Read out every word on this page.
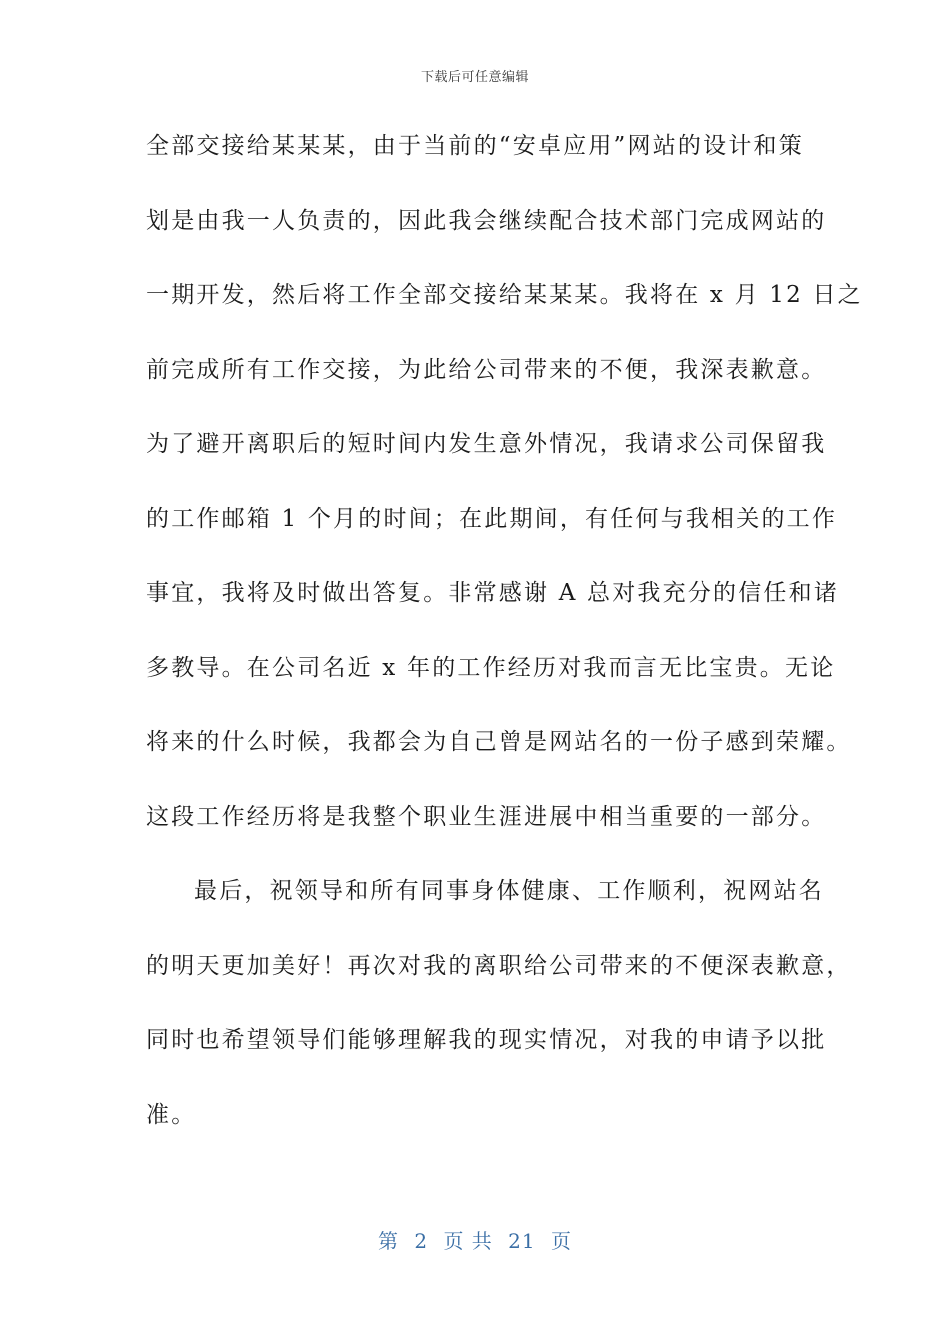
下载后可任意编辑
全部交接给某某某，由于当前的“安卓应用”网站的设计和策
划是由我一人负责的，因此我会继续配合技术部门完成网站的
一期开发，然后将工作全部交接给某某某。我将在 x 月 12 日之
前完成所有工作交接，为此给公司带来的不便，我深表歉意。
为了避开离职后的短时间内发生意外情况，我请求公司保留我
的工作邮箱 1 个月的时间；在此期间，有任何与我相关的工作
事宜，我将及时做出答复。非常感谢 A 总对我充分的信任和诸
多教导。在公司名近 x 年的工作经历对我而言无比宝贵。无论
将来的什么时候，我都会为自己曾是网站名的一份子感到荣耀。
这段工作经历将是我整个职业生涯进展中相当重要的一部分。
最后，祝领导和所有同事身体健康、工作顺利，祝网站名
的明天更加美好！再次对我的离职给公司带来的不便深表歉意，
同时也希望领导们能够理解我的现实情况，对我的申请予以批
准。
第 2 页 共 21 页
